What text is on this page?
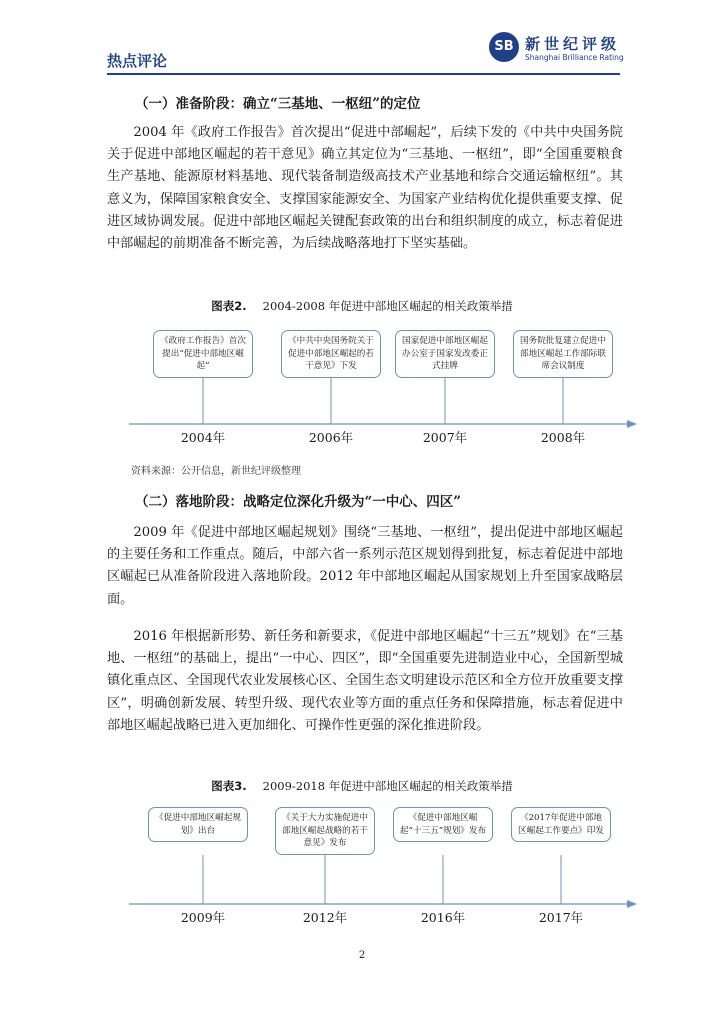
热点评论
SB 新世纪评级
Shanghai Brilliance Rating
（一）准备阶段：确立“三基地、一枢纽”的定位

2004 年《政府工作报告》首次提出“促进中部崛起”，后续下发的《中共中央国务院关于促进中部地区崛起的若干意见》确立其定位为“三基地、一枢纽”，即“全国重要粮食生产基地、能源原材料基地、现代装备制造级高技术产业基地和综合交通运输枢纽”。其意义为，保障国家粮食安全、支撑国家能源安全、为国家产业结构优化提供重要支撑、促进区域协调发展。促进中部地区崛起关键配套政策的出台和组织制度的成立，标志着促进中部崛起的前期准备不断完善，为后续战略落地打下坚实基础。

图表2. 2004-2008 年促进中部地区崛起的相关政策举措
《政府工作报告》首次提出“促进中部地区崛起”
《中共中央国务院关于促进中部地区崛起的若干意见》下发
国家促进中部地区崛起办公室于国家发改委正式挂牌
国务院批复建立促进中部地区崛起工作部际联席会议制度
2004年	2006年	2007年	2008年
资料来源：公开信息，新世纪评级整理
（二）落地阶段：战略定位深化升级为“一中心、四区”

2009 年《促进中部地区崛起规划》围绕“三基地、一枢纽”，提出促进中部地区崛起的主要任务和工作重点。随后，中部六省一系列示范区规划得到批复，标志着促进中部地区崛起已从准备阶段进入落地阶段。2012 年中部地区崛起从国家规划上升至国家战略层面。

2016 年根据新形势、新任务和新要求，《促进中部地区崛起“十三五”规划》在“三基地、一枢纽”的基础上，提出“一中心、四区”，即“全国重要先进制造业中心，全国新型城镇化重点区、全国现代农业发展核心区、全国生态文明建设示范区和全方位开放重要支撑区”，明确创新发展、转型升级、现代农业等方面的重点任务和保障措施，标志着促进中部地区崛起战略已进入更加细化、可操作性更强的深化推进阶段。

图表3. 2009-2018 年促进中部地区崛起的相关政策举措
《促进中部地区崛起规划》出台
《关于大力实施促进中部地区崛起战略的若干意见》发布
《促进中部地区崛起“十三五”规划》发布
《2017年促进中部地区崛起工作要点》印发
2009年	2012年	2016年	2017年
2
